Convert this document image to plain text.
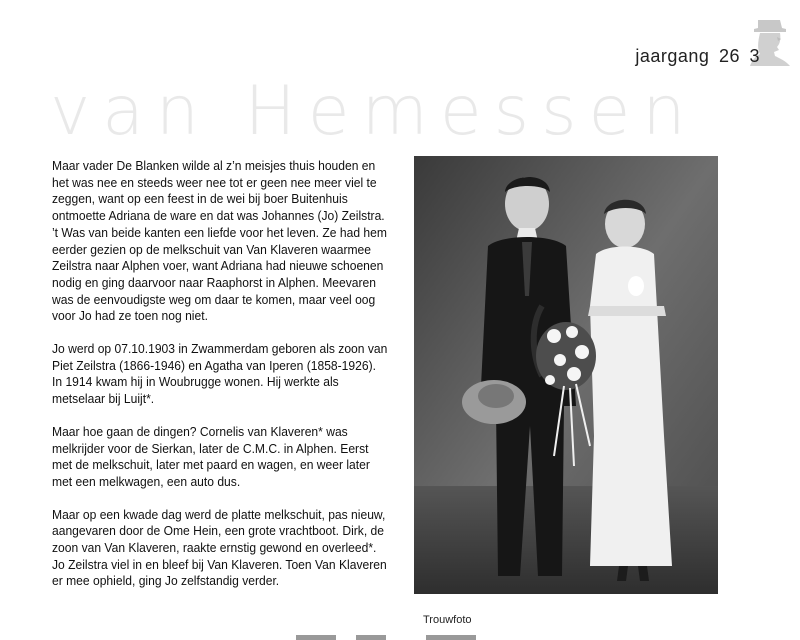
jaargang 26 3
van Hemessen

Maar vader De Blanken wilde al z’n meisjes thuis houden en het was nee en steeds weer nee tot er geen nee meer viel te zeggen, want op een feest in de wei bij boer Buitenhuis ontmoette Adriana de ware en dat was Johannes (Jo) Zeilstra. ’t Was van beide kanten een liefde voor het leven. Ze had hem eerder gezien op de melkschuit van Van Klaveren waarmee Zeilstra naar Alphen voer, want Adriana had nieuwe schoenen nodig en ging daarvoor naar Raaphorst in Alphen. Meevaren was de eenvoudigste weg om daar te komen, maar veel oog voor Jo had ze toen nog niet.

Jo werd op 07.10.1903 in Zwammerdam geboren als zoon van Piet Zeilstra (1866-1946) en Agatha van Iperen (1858-1926). In 1914 kwam hij in Woubrugge wonen. Hij werkte als metselaar bij Luijt*.

Maar hoe gaan de dingen? Cornelis van Klaveren* was melkrijder voor de Sierkan, later de C.M.C. in Alphen. Eerst met de melkschuit, later met paard en wagen, en weer later met een melkwagen, een auto dus.

Maar op een kwade dag werd de platte melkschuit, pas nieuw, aangevaren door de Ome Hein, een grote vrachtboot. Dirk, de zoon van Van Klaveren, raakte ernstig gewond en overleed*. Jo Zeilstra viel in en bleef bij Van Klaveren. Toen Van Klaveren er mee ophield, ging Jo zelfstandig verder.

Trouwfoto
